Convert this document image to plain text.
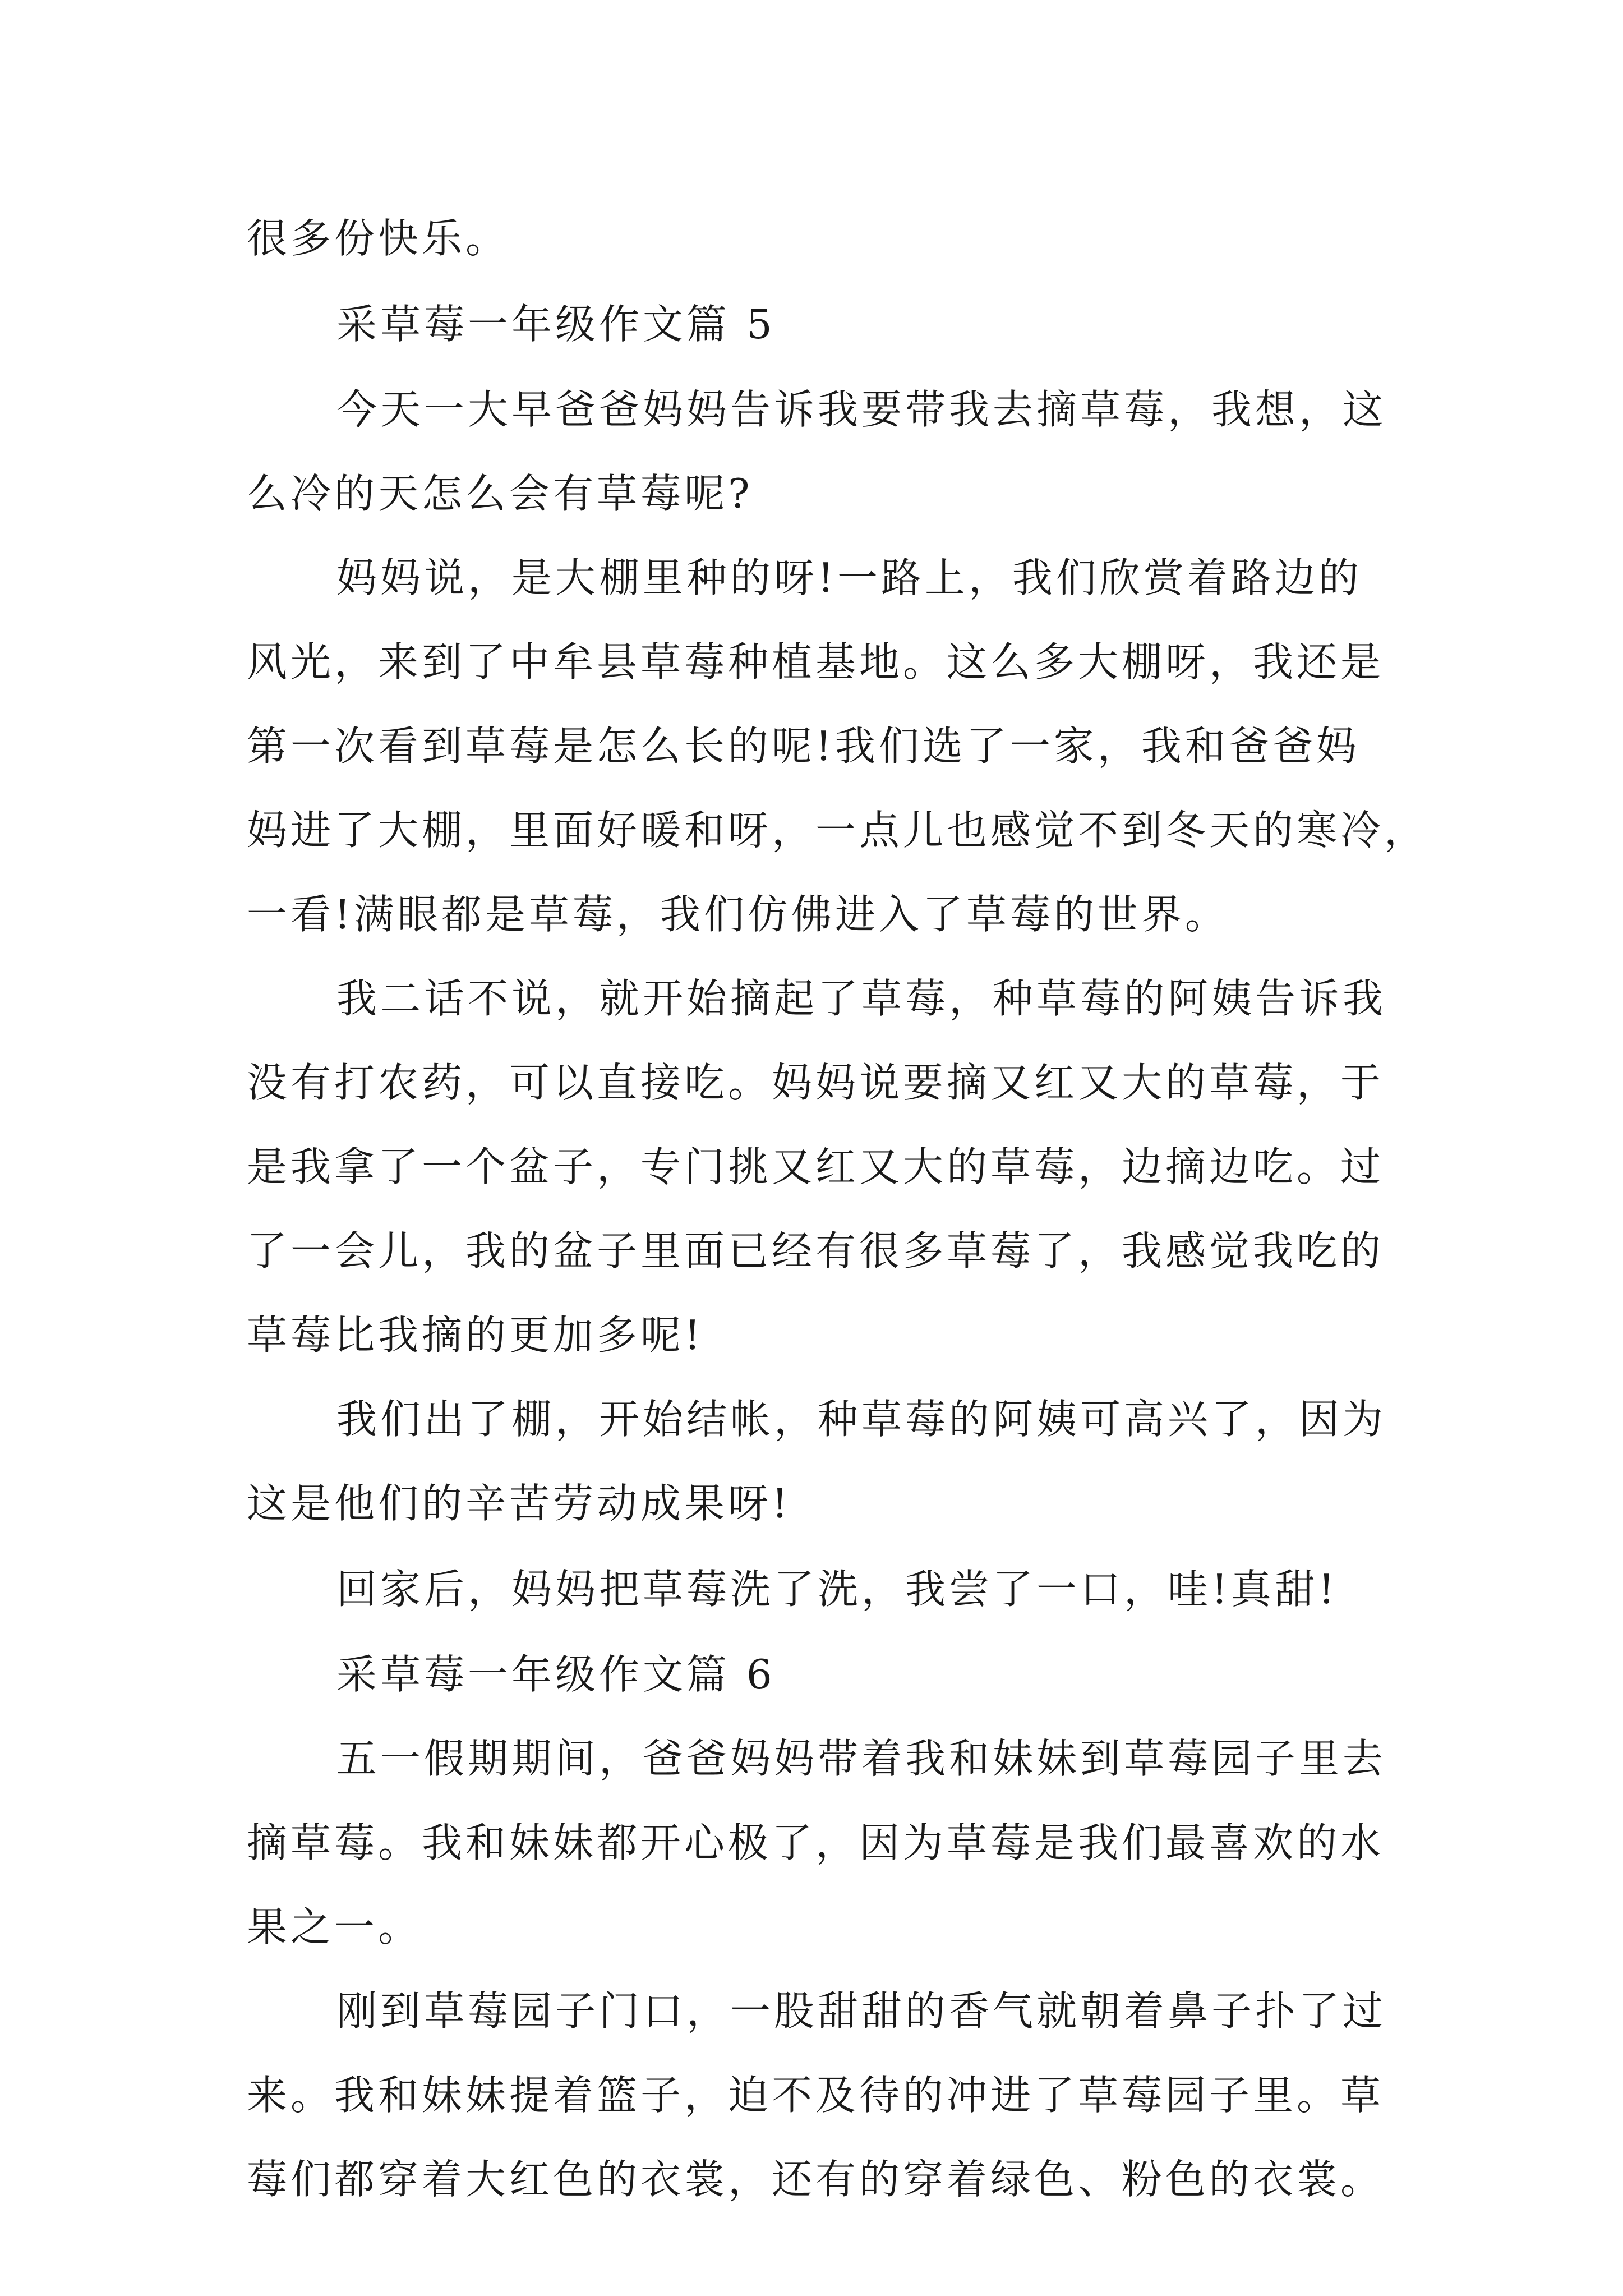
很多份快乐。

采草莓一年级作文篇 5

今天一大早爸爸妈妈告诉我要带我去摘草莓，我想，这

么冷的天怎么会有草莓呢?

妈妈说，是大棚里种的呀!一路上，我们欣赏着路边的

风光，来到了中牟县草莓种植基地。这么多大棚呀，我还是

第一次看到草莓是怎么长的呢!我们选了一家，我和爸爸妈

妈进了大棚，里面好暖和呀，一点儿也感觉不到冬天的寒冷，

一看!满眼都是草莓，我们仿佛进入了草莓的世界。

我二话不说，就开始摘起了草莓，种草莓的阿姨告诉我

没有打农药，可以直接吃。妈妈说要摘又红又大的草莓，于

是我拿了一个盆子，专门挑又红又大的草莓，边摘边吃。过

了一会儿，我的盆子里面已经有很多草莓了，我感觉我吃的

草莓比我摘的更加多呢!

我们出了棚，开始结帐，种草莓的阿姨可高兴了，因为

这是他们的辛苦劳动成果呀!

回家后，妈妈把草莓洗了洗，我尝了一口，哇!真甜!

采草莓一年级作文篇 6

五一假期期间，爸爸妈妈带着我和妹妹到草莓园子里去

摘草莓。我和妹妹都开心极了，因为草莓是我们最喜欢的水

果之一。

刚到草莓园子门口，一股甜甜的香气就朝着鼻子扑了过

来。我和妹妹提着篮子，迫不及待的冲进了草莓园子里。草

莓们都穿着大红色的衣裳，还有的穿着绿色、粉色的衣裳。
